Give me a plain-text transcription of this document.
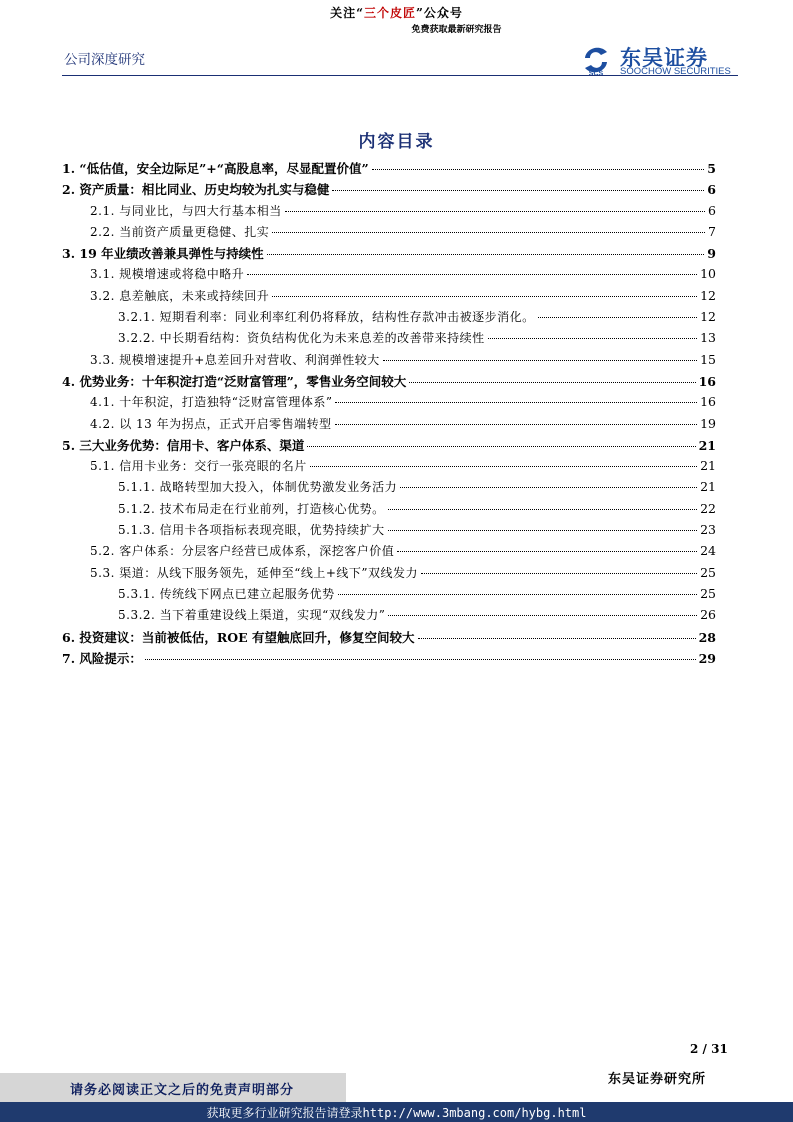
关注“三个皮匠”公众号
免费获取最新研究报告
公司深度研究
SCS
东吴证券
SOOCHOW SECURITIES
内容目录
1. “低估值，安全边际足”+“高股息率，尽显配置价值”	5
2. 资产质量：相比同业、历史均较为扎实与稳健	6
2.1. 与同业比，与四大行基本相当	6
2.2. 当前资产质量更稳健、扎实	7
3. 19 年业绩改善兼具弹性与持续性	9
3.1. 规模增速或将稳中略升	10
3.2. 息差触底，未来或持续回升	12
3.2.1. 短期看利率：同业利率红利仍将释放，结构性存款冲击被逐步消化。	12
3.2.2. 中长期看结构：资负结构优化为未来息差的改善带来持续性	13
3.3. 规模增速提升+息差回升对营收、利润弹性较大	15
4. 优势业务：十年积淀打造“泛财富管理”，零售业务空间较大	16
4.1. 十年积淀，打造独特“泛财富管理体系”	16
4.2. 以 13 年为拐点，正式开启零售端转型	19
5. 三大业务优势：信用卡、客户体系、渠道	21
5.1. 信用卡业务：交行一张亮眼的名片	21
5.1.1. 战略转型加大投入，体制优势激发业务活力	21
5.1.2. 技术布局走在行业前列，打造核心优势。	22
5.1.3. 信用卡各项指标表现亮眼，优势持续扩大	23
5.2. 客户体系：分层客户经营已成体系，深挖客户价值	24
5.3. 渠道：从线下服务领先，延伸至“线上+线下”双线发力	25
5.3.1. 传统线下网点已建立起服务优势	25
5.3.2. 当下着重建设线上渠道，实现“双线发力”	26
6. 投资建议：当前被低估，ROE 有望触底回升，修复空间较大	28
7. 风险提示：	29
2 / 31
东吴证券研究所
请务必阅读正文之后的免责声明部分
获取更多行业研究报告请登录http://www.3mbang.com/hybg.html
